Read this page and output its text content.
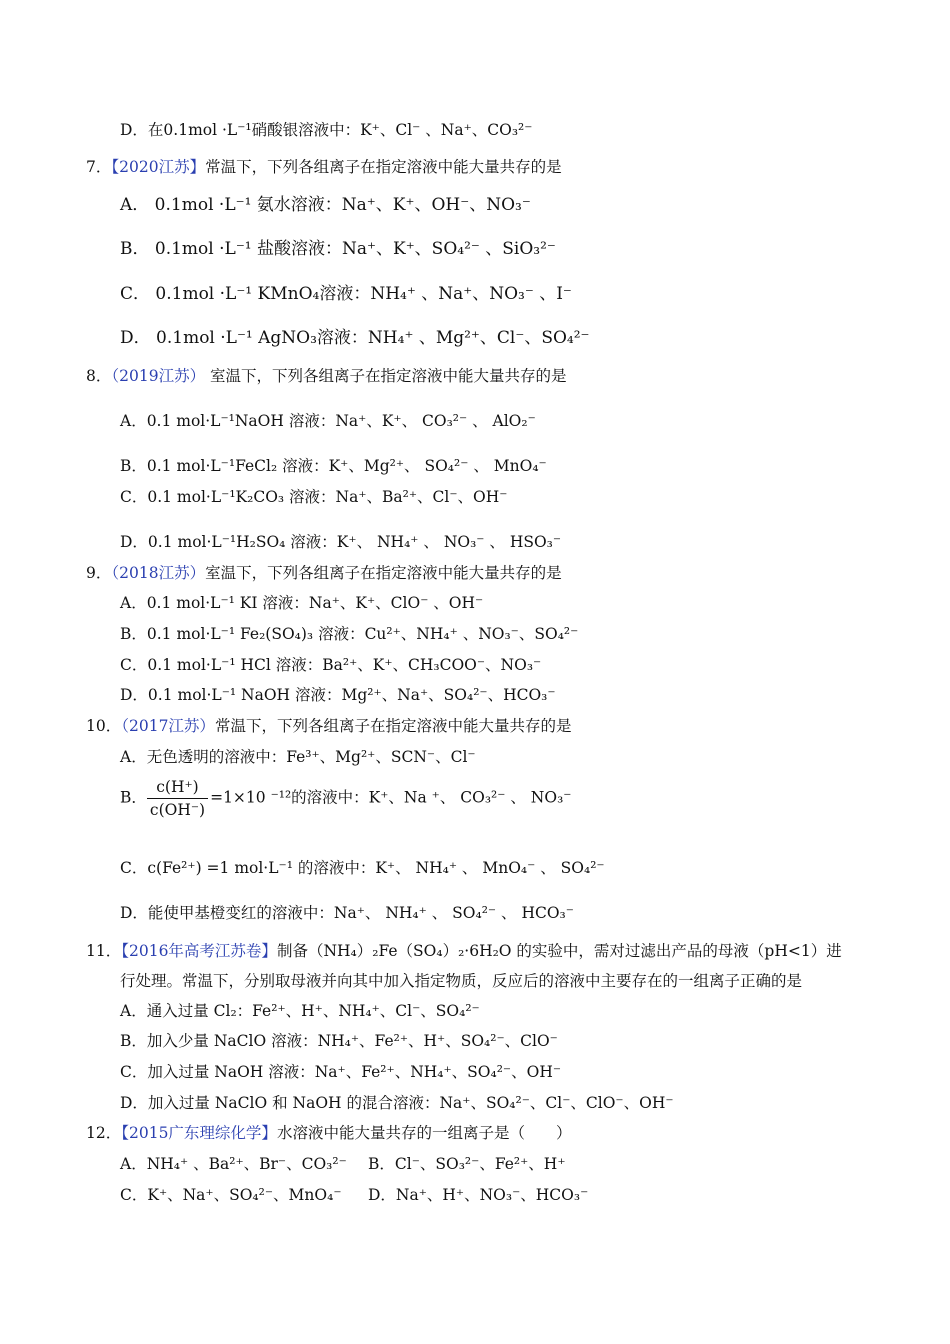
D．在0.1mol ·L⁻¹硝酸银溶液中：K⁺、Cl⁻ 、Na⁺、CO₃²⁻
7．【2020江苏】常温下，下列各组离子在指定溶液中能大量共存的是
A． 0.1mol ·L⁻¹ 氨水溶液：Na⁺、K⁺、OH⁻、NO₃⁻
B． 0.1mol ·L⁻¹ 盐酸溶液：Na⁺、K⁺、SO₄²⁻ 、SiO₃²⁻
C． 0.1mol ·L⁻¹ KMnO₄溶液：NH₄⁺ 、Na⁺、NO₃⁻ 、I⁻
D． 0.1mol ·L⁻¹ AgNO₃溶液：NH₄⁺ 、Mg²⁺、Cl⁻、SO₄²⁻
8．（2019江苏） 室温下，下列各组离子在指定溶液中能大量共存的是
A．0.1 mol·L⁻¹NaOH 溶液：Na⁺、K⁺、 CO₃²⁻ 、 AlO₂⁻
B．0.1 mol·L⁻¹FeCl₂ 溶液：K⁺、Mg²⁺、 SO₄²⁻ 、 MnO₄⁻
C．0.1 mol·L⁻¹K₂CO₃ 溶液：Na⁺、Ba²⁺、Cl⁻、OH⁻
D．0.1 mol·L⁻¹H₂SO₄ 溶液：K⁺、 NH₄⁺ 、 NO₃⁻ 、 HSO₃⁻
9．（2018江苏）室温下，下列各组离子在指定溶液中能大量共存的是
A．0.1 mol·L⁻¹ KI 溶液：Na⁺、K⁺、ClO⁻ 、OH⁻
B．0.1 mol·L⁻¹ Fe₂(SO₄)₃ 溶液：Cu²⁺、NH₄⁺ 、NO₃⁻、SO₄²⁻
C．0.1 mol·L⁻¹ HCl 溶液：Ba²⁺、K⁺、CH₃COO⁻、NO₃⁻
D．0.1 mol·L⁻¹ NaOH 溶液：Mg²⁺、Na⁺、SO₄²⁻、HCO₃⁻
10．（2017江苏）常温下，下列各组离子在指定溶液中能大量共存的是
A．无色透明的溶液中：Fe³⁺、Mg²⁺、SCN⁻、Cl⁻
B． $\frac{c(H^+)}{c(OH^-)} =1\times 10$ ⁻¹²的溶液中：K⁺、Na ⁺、 CO₃²⁻ 、 NO₃⁻
C．c(Fe²⁺) =1 mol·L⁻¹ 的溶液中：K⁺、 NH₄⁺ 、 MnO₄⁻ 、 SO₄²⁻
D．能使甲基橙变红的溶液中：Na⁺、 NH₄⁺ 、 SO₄²⁻ 、 HCO₃⁻
11．【2016年高考江苏卷】制备（NH₄）₂Fe（SO₄）₂·6H₂O 的实验中，需对过滤出产品的母液（pH<1）进
行处理。常温下，分别取母液并向其中加入指定物质，反应后的溶液中主要存在的一组离子正确的是
A．通入过量 Cl₂：Fe²⁺、H⁺、NH₄⁺、Cl⁻、SO₄²⁻
B．加入少量 NaClO 溶液：NH₄⁺、Fe²⁺、H⁺、SO₄²⁻、ClO⁻
C．加入过量 NaOH 溶液：Na⁺、Fe²⁺、NH₄⁺、SO₄²⁻、OH⁻
D．加入过量 NaClO 和 NaOH 的混合溶液：Na⁺、SO₄²⁻、Cl⁻、ClO⁻、OH⁻
12．【2015广东理综化学】水溶液中能大量共存的一组离子是（　　）
A．NH₄⁺ 、Ba²⁺、Br⁻、CO₃²⁻ B．Cl⁻、SO₃²⁻、Fe²⁺、H⁺
C．K⁺、Na⁺、SO₄²⁻、MnO₄⁻ D．Na⁺、H⁺、NO₃⁻、HCO₃⁻
